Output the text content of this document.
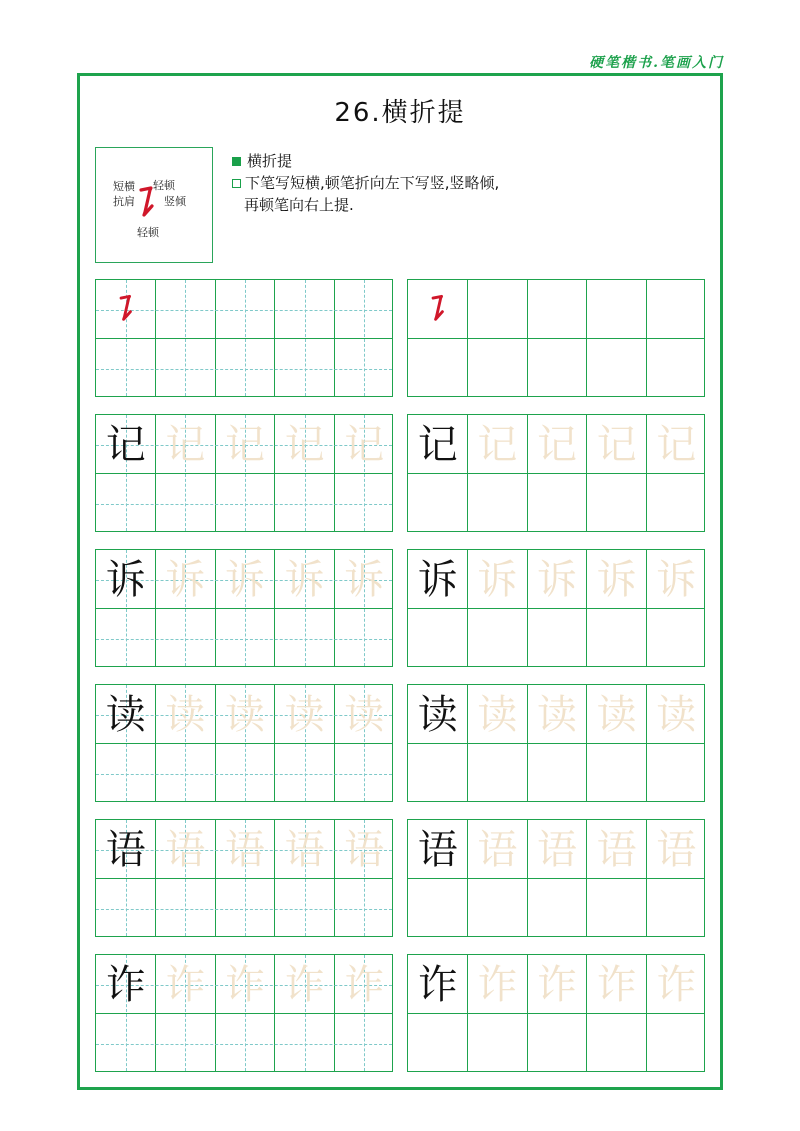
硬笔楷书.笔画入门
26.横折提
短横
抗肩
轻顿
竖倾
轻顿
横折提
下笔写短横,顿笔折向左下写竖,竖略倾,
再顿笔向右上提.
记 记 记 记 记 记 记 记 记 记
诉 诉 诉 诉 诉 诉 诉 诉 诉 诉
读 读 读 读 读 读 读 读 读 读
语 语 语 语 语 语 语 语 语 语
诈 诈 诈 诈 诈 诈 诈 诈 诈 诈
